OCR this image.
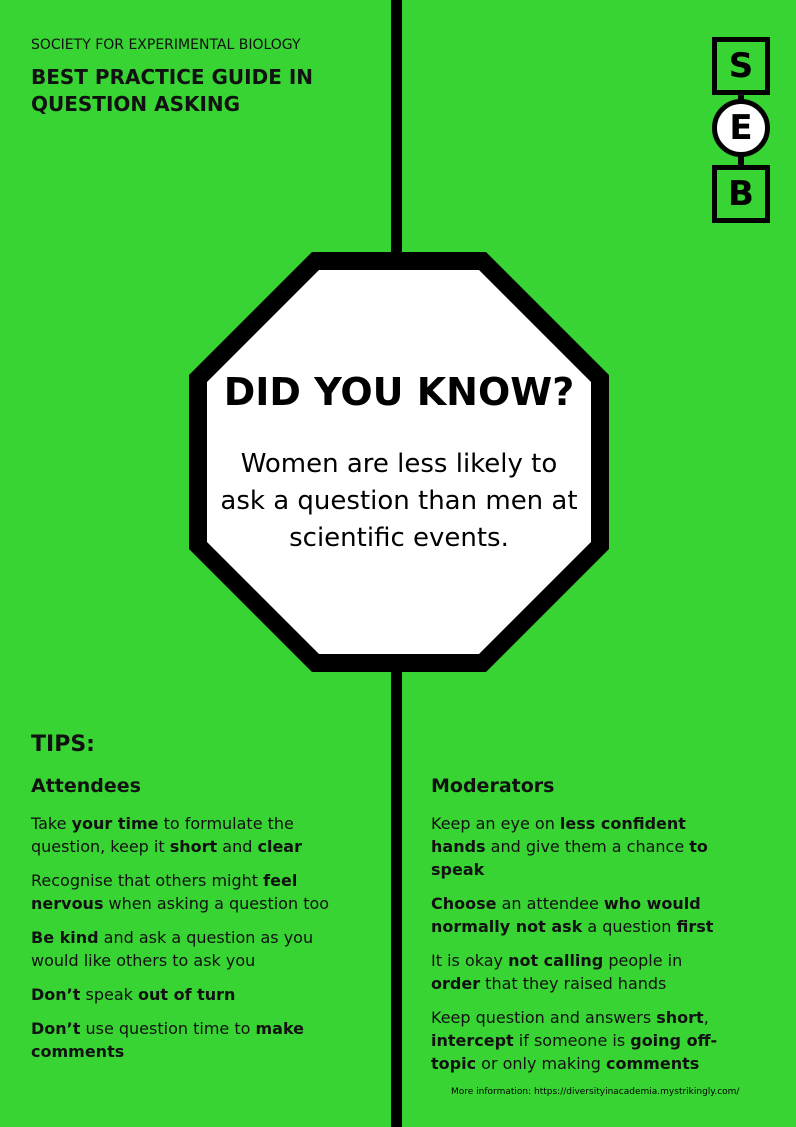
SOCIETY FOR EXPERIMENTAL BIOLOGY
BEST PRACTICE GUIDE IN QUESTION ASKING
S
E
B
DID YOU KNOW?
Women are less likely to ask a question than men at scientific events.
TIPS:
Attendees	Moderators
Take your time to formulate the question, keep it short and clear
Recognise that others might feel nervous when asking a question too
Be kind and ask a question as you would like others to ask you
Don’t speak out of turn
Don’t use question time to make comments
Keep an eye on less confident hands and give them a chance to speak
Choose an attendee who would normally not ask a question first
It is okay not calling people in order that they raised hands
Keep question and answers short, intercept if someone is going off-topic or only making comments
More information: https://diversityinacademia.mystrikingly.com/
